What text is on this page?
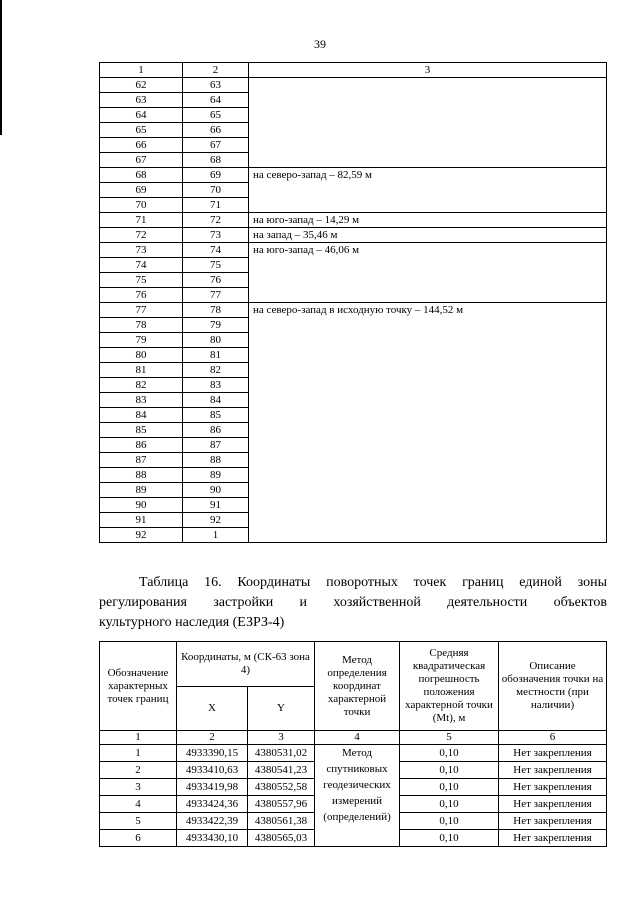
39
1	2	3
62	63	
63	64	
64	65	
65	66	
66	67	
67	68	
68	69	на северо-запад – 82,59 м
69	70	
70	71	
71	72	на юго-запад – 14,29 м
72	73	на запад – 35,46 м
73	74	на юго-запад – 46,06 м
74	75	
75	76	
76	77	
77	78	на северо-запад в исходную точку – 144,52 м
78	79	
79	80	
80	81	
81	82	
82	83	
83	84	
84	85	
85	86	
86	87	
87	88	
88	89	
89	90	
90	91	
91	92	
92	1	
Таблица 16. Координаты поворотных точек границ единой зоны
регулирования застройки и хозяйственной деятельности объектов
культурного наследия (ЕЗРЗ-4)
Обозначение характерных точек границ	Координаты, м (СК-63 зона 4)		Метод определения координат характерной точки	Средняя квадратическая погрешность положения характерной точки (Mt), м	Описание обозначения точки на местности (при наличии)
	X	Y			
1	2	3	4	5	6
1	4933390,15	4380531,02	Метод спутниковых геодезических измерений (определений)	0,10	Нет закрепления
2	4933410,63	4380541,23		0,10	Нет закрепления
3	4933419,98	4380552,58		0,10	Нет закрепления
4	4933424,36	4380557,96		0,10	Нет закрепления
5	4933422,39	4380561,38		0,10	Нет закрепления
6	4933430,10	4380565,03		0,10	Нет закрепления
